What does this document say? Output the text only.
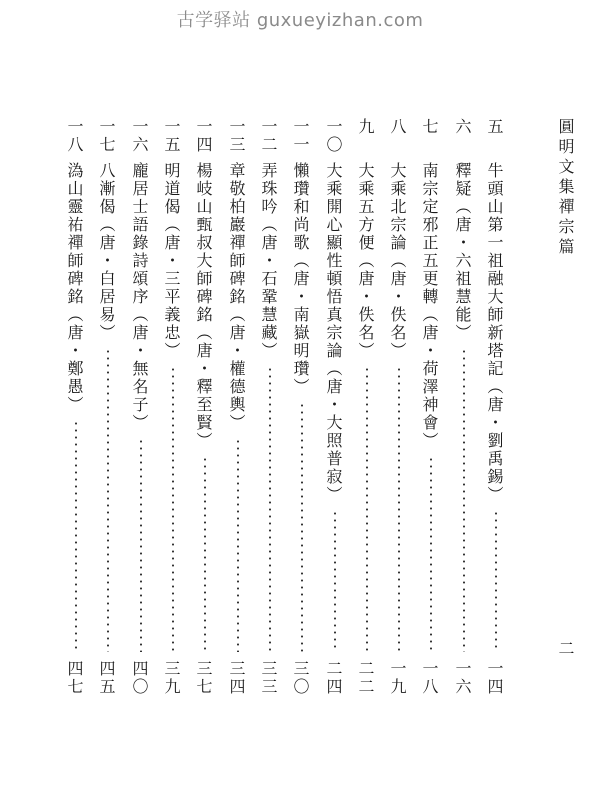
古学驿站 guxueyizhan.com
圓明文集禪宗篇
二
五
牛頭山第一祖融大師新塔記（唐・劉禹錫）
一四
六
釋疑（唐・六祖慧能）
一六
七
南宗定邪正五更轉（唐・荷澤神會）
一八
八
大乘北宗論（唐・佚名）
一九
九
大乘五方便（唐・佚名）
二二
一〇
大乘開心顯性頓悟真宗論（唐・大照普寂）
二四
一一
懶瓚和尚歌（唐・南嶽明瓚）
三〇
一二
弄珠吟（唐・石鞏慧藏）
三三
一三
章敬柏巖禪師碑銘（唐・權德輿）
三四
一四
楊岐山甄叔大師碑銘（唐・釋至賢）
三七
一五
明道偈（唐・三平義忠）
三九
一六
龐居士語錄詩頌序（唐・無名子）
四〇
一七
八漸偈（唐・白居易）
四五
一八
溈山靈祐禪師碑銘（唐・鄭愚）
四七
